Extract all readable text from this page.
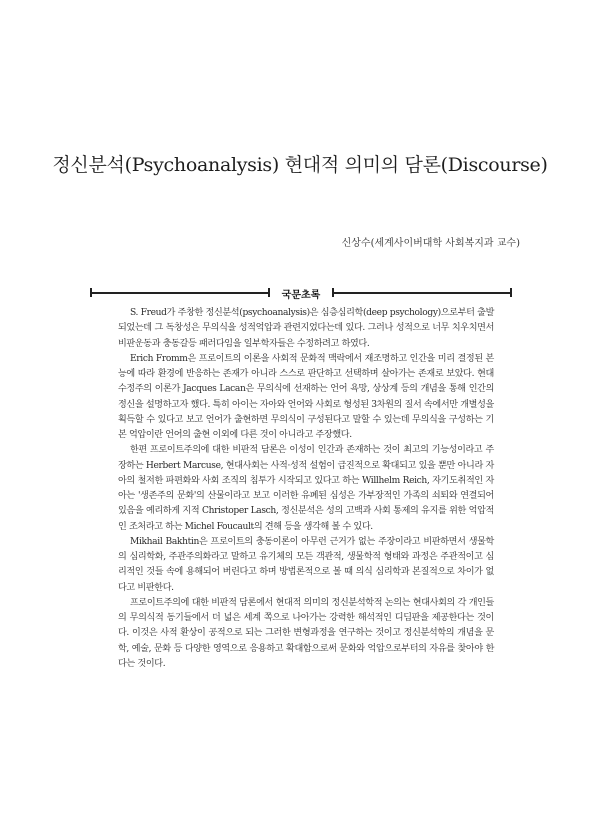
정신분석(Psychoanalysis) 현대적 의미의 담론(Discourse)
신상수(세계사이버대학 사회복지과 교수)
국문초록

S. Freud가 주창한 정신분석(psychoanalysis)은 심층심리학(deep psychology)으로부터 출발되었는데 그 독창성은 무의식을 성적억압과 관련지었다는데 있다. 그러나 성적으로 너무 치우치면서 비판운동과 충동갈등 패러다임을 일부학자들은 수정하려고 하였다.

Erich Fromm은 프로이트의 이론을 사회적 문화적 맥락에서 재조명하고 인간을 미리 결정된 본능에 따라 환경에 반응하는 존재가 아니라 스스로 판단하고 선택하며 살아가는 존재로 보았다. 현대 수정주의 이론가 Jacques Lacan은 무의식에 선재하는 언어 욕망, 상상계 등의 개념을 통해 인간의 정신을 설명하고자 했다. 특히 아이는 자아와 언어와 사회로 형성된 3차원의 질서 속에서만 개별성을 획득할 수 있다고 보고 언어가 출현하면 무의식이 구성된다고 말할 수 있는데 무의식을 구성하는 기본 억압이란 언어의 출현 이외에 다른 것이 아니라고 주장했다.

한편 프로이트주의에 대한 비판적 담론은 이성이 인간과 존재하는 것이 최고의 기능성이라고 주장하는 Herbert Marcuse, 현대사회는 사적·성적 설험이 급진적으로 확대되고 있을 뿐만 아니라 자아의 철저한 파편화와 사회 조직의 침투가 시작되고 있다고 하는 Willhelm Reich, 자기도취적인 자아는 '생존주의 문화'의 산물이라고 보고 이러한 유폐된 심성은 가부장적인 가족의 쇠퇴와 연결되어 있음을 예리하게 지적 Christoper Lasch, 정신분석은 성의 고백과 사회 통제의 유지를 위한 억압적인 조처라고 하는 Michel Foucault의 견해 등을 생각해 볼 수 있다.

Mikhail Bakhtin은 프로이트의 충동이론이 아무런 근거가 없는 주장이라고 비판하면서 생물학의 심리학화, 주관주의화라고 말하고 유기체의 모든 객관적, 생물학적 형태와 과정은 주관적이고 심리적인 것들 속에 용해되어 버린다고 하며 방법론적으로 볼 때 의식 심리학과 본질적으로 차이가 없다고 비판한다.

프로이트주의에 대한 비판적 담론에서 현대적 의미의 정신분석학적 논의는 현대사회의 각 개인들의 무의식적 동기들에서 더 넓은 세계 쪽으로 나아가는 강력한 해석적인 디딤판을 제공한다는 것이다. 이것은 사적 환상이 공적으로 되는 그러한 변형과정을 연구하는 것이고 정신분석학의 개념을 문학, 예술, 문화 등 다양한 영역으로 응용하고 확대함으로써 문화와 억압으로부터의 자유를 찾아야 한다는 것이다.
